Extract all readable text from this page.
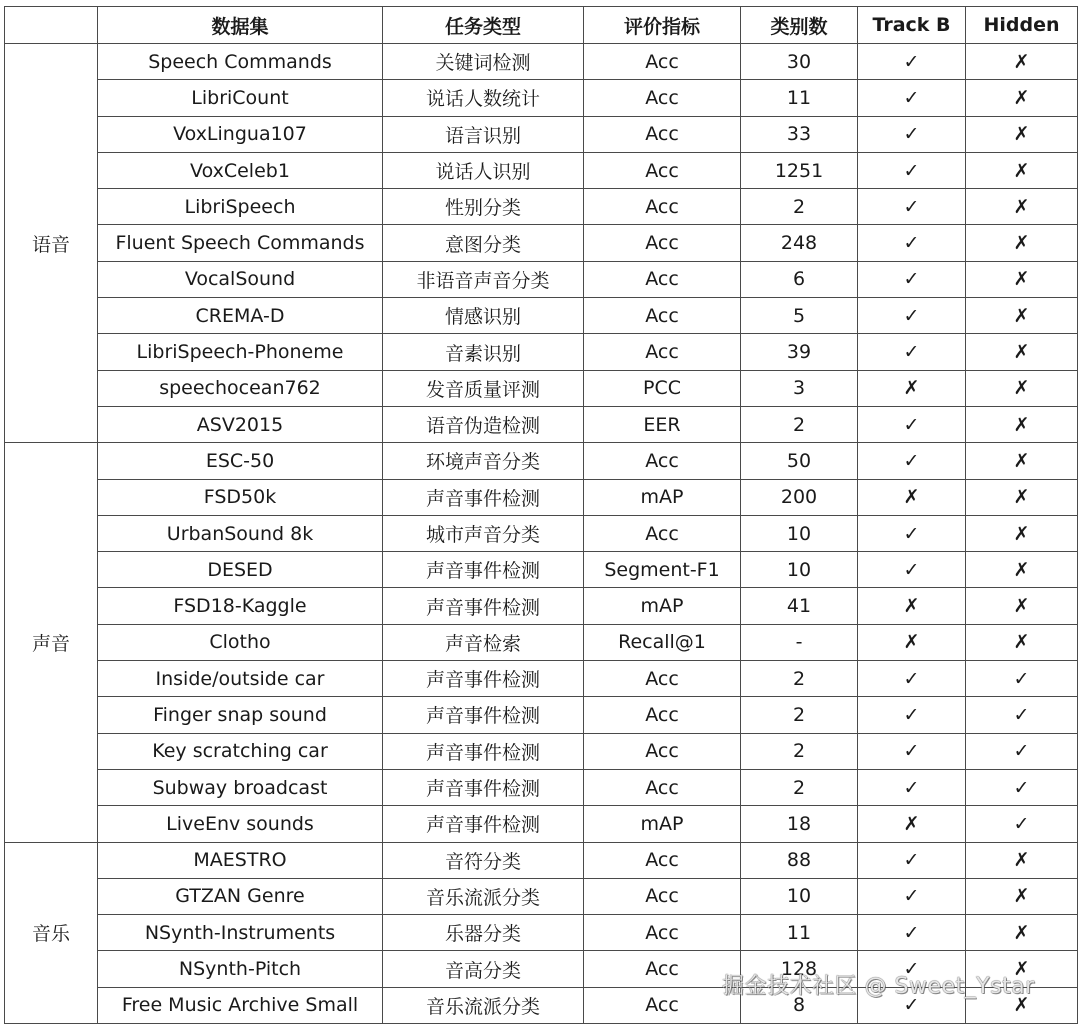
	数据集	任务类型	评价指标	类别数	Track B	Hidden
语音	Speech Commands	关键词检测	Acc	30	✓	✗
	LibriCount	说话人数统计	Acc	11	✓	✗
	VoxLingua107	语言识别	Acc	33	✓	✗
	VoxCeleb1	说话人识别	Acc	1251	✓	✗
	LibriSpeech	性别分类	Acc	2	✓	✗
	Fluent Speech Commands	意图分类	Acc	248	✓	✗
	VocalSound	非语音声音分类	Acc	6	✓	✗
	CREMA-D	情感识别	Acc	5	✓	✗
	LibriSpeech-Phoneme	音素识别	Acc	39	✓	✗
	speechocean762	发音质量评测	PCC	3	✗	✗
	ASV2015	语音伪造检测	EER	2	✓	✗
声音	ESC-50	环境声音分类	Acc	50	✓	✗
	FSD50k	声音事件检测	mAP	200	✗	✗
	UrbanSound 8k	城市声音分类	Acc	10	✓	✗
	DESED	声音事件检测	Segment-F1	10	✓	✗
	FSD18-Kaggle	声音事件检测	mAP	41	✗	✗
	Clotho	声音检索	Recall@1	-	✗	✗
	Inside/outside car	声音事件检测	Acc	2	✓	✓
	Finger snap sound	声音事件检测	Acc	2	✓	✓
	Key scratching car	声音事件检测	Acc	2	✓	✓
	Subway broadcast	声音事件检测	Acc	2	✓	✓
	LiveEnv sounds	声音事件检测	mAP	18	✗	✓
音乐	MAESTRO	音符分类	Acc	88	✓	✗
	GTZAN Genre	音乐流派分类	Acc	10	✓	✗
	NSynth-Instruments	乐器分类	Acc	11	✓	✗
	NSynth-Pitch	音高分类	Acc	128	✓	✗
	Free Music Archive Small	音乐流派分类	Acc	8	✓	✗
掘金技术社区 @ Sweet_Ystar
